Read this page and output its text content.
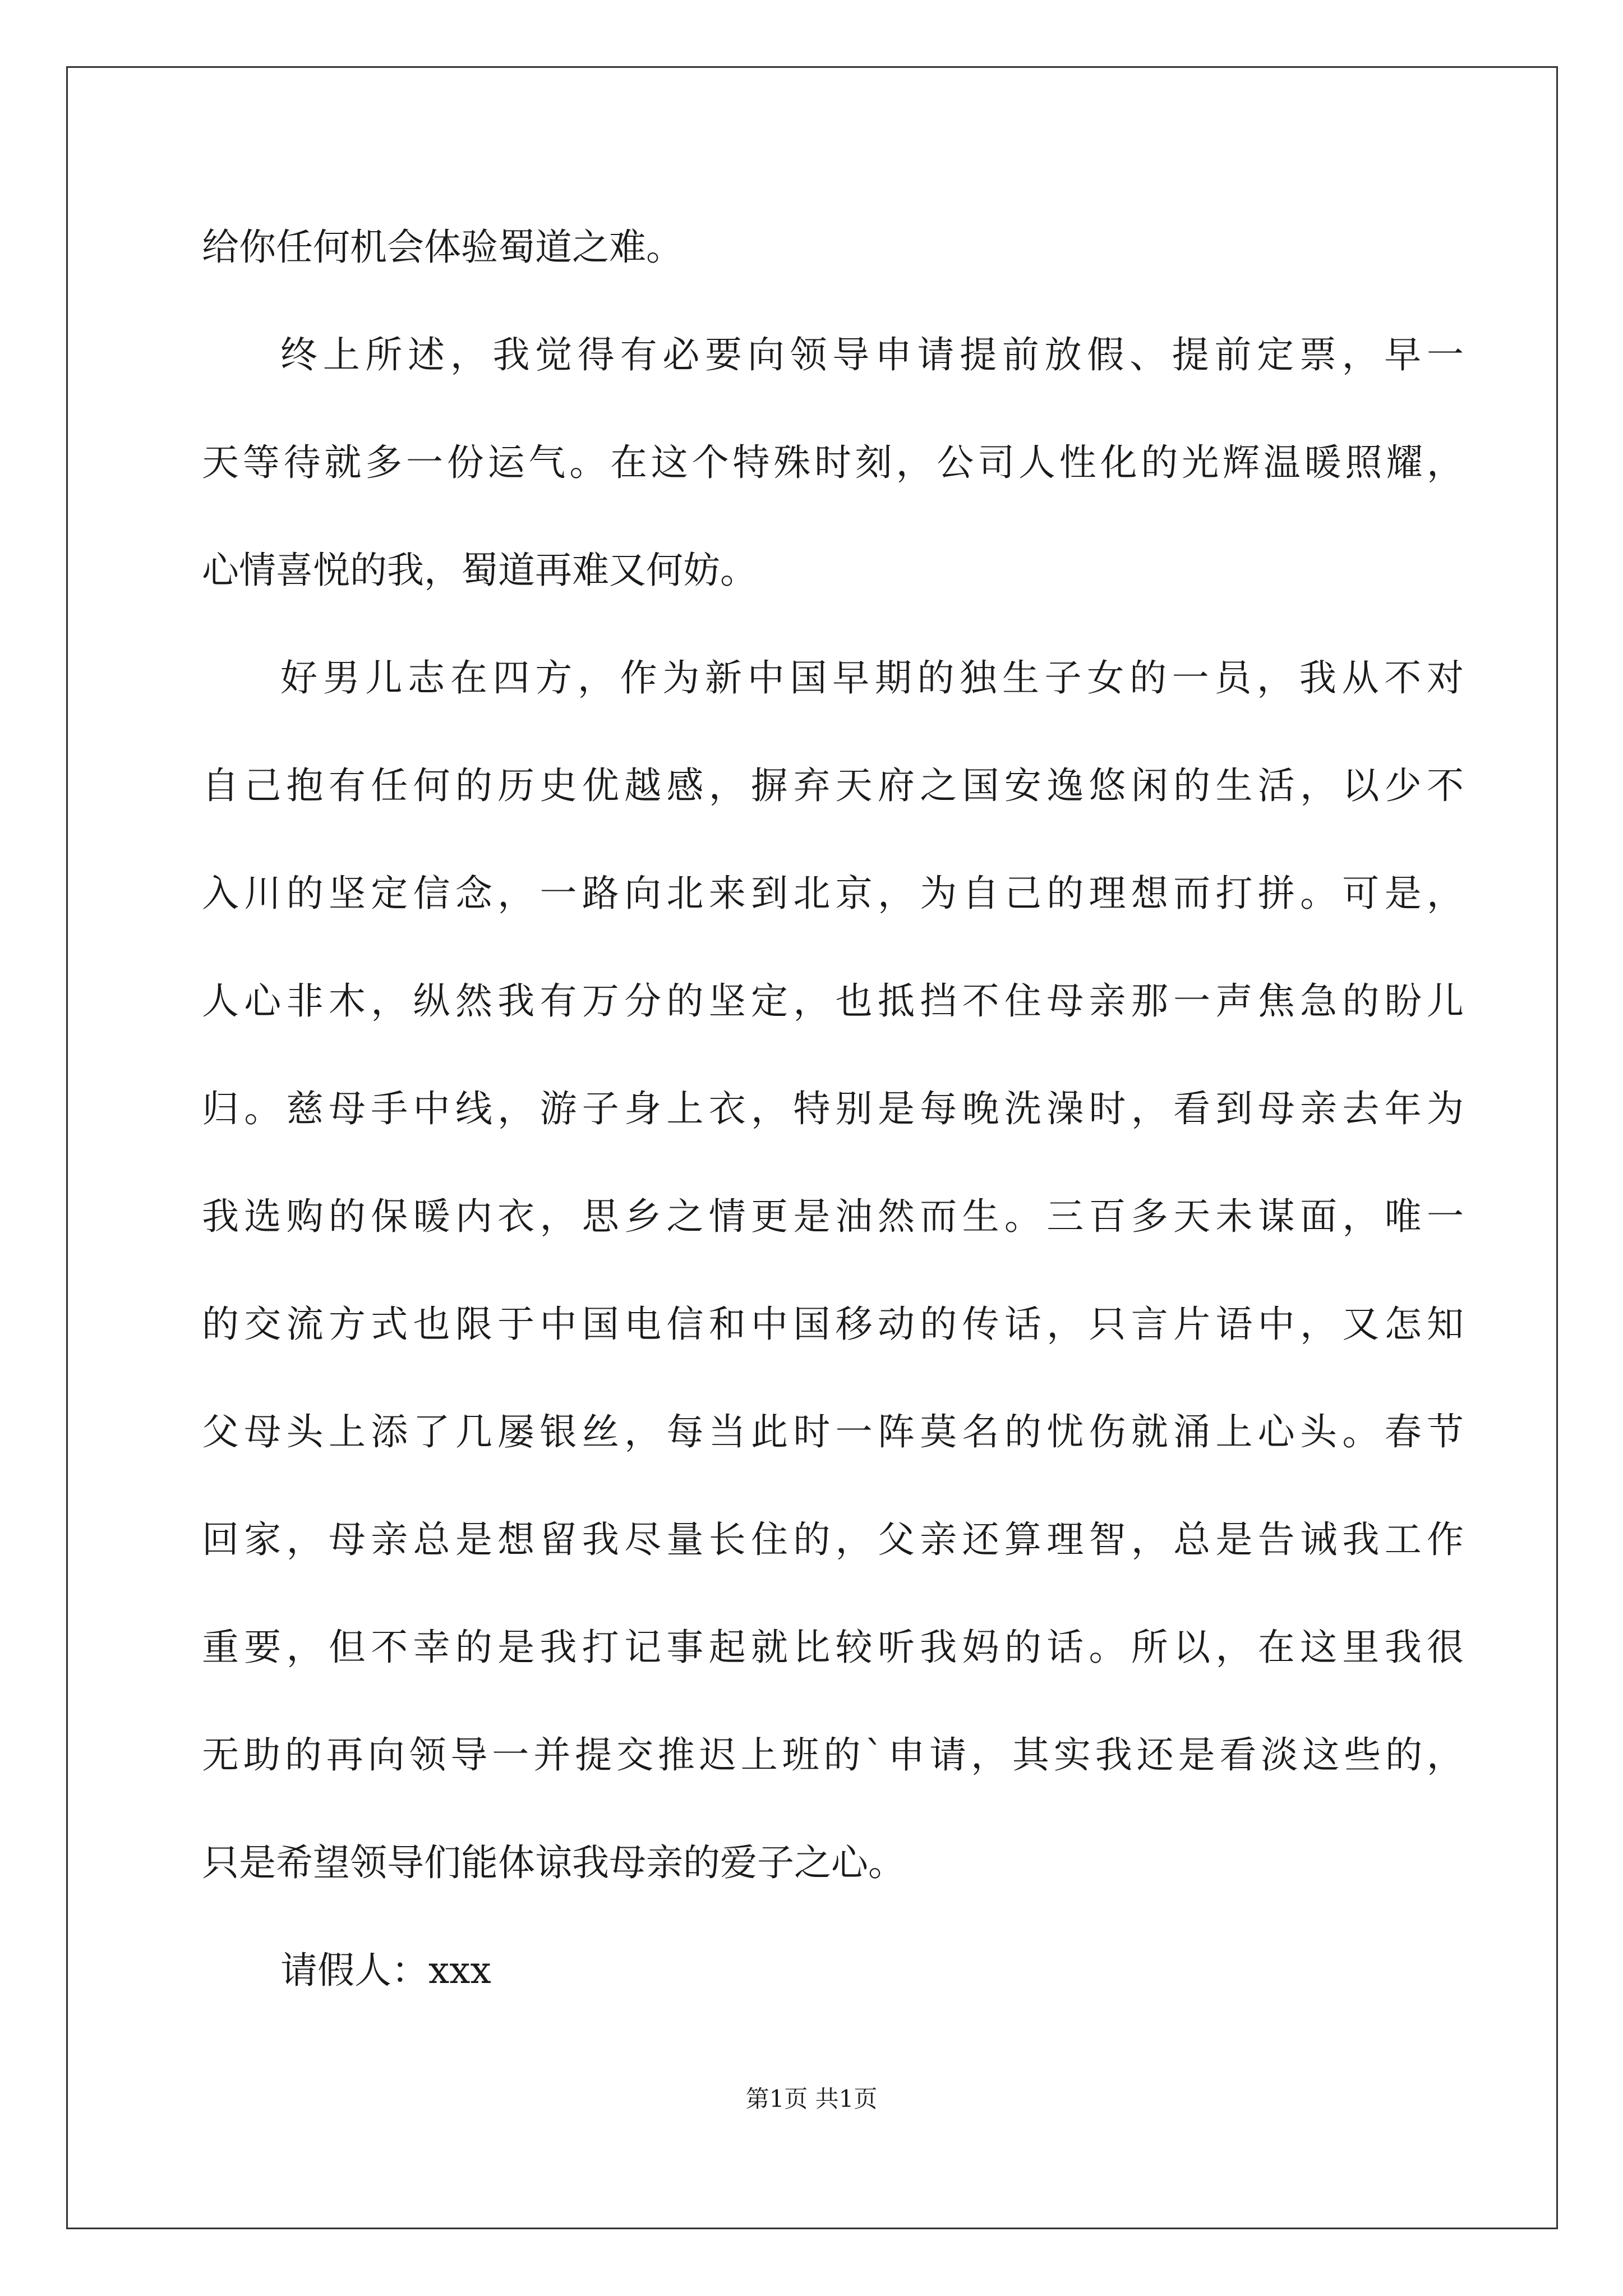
给你任何机会体验蜀道之难。
终上所述，我觉得有必要向领导申请提前放假、提前定票，早一
天等待就多一份运气。在这个特殊时刻，公司人性化的光辉温暖照耀，
心情喜悦的我，蜀道再难又何妨。
好男儿志在四方，作为新中国早期的独生子女的一员，我从不对
自己抱有任何的历史优越感，摒弃天府之国安逸悠闲的生活，以少不
入川的坚定信念，一路向北来到北京，为自己的理想而打拼。可是，
人心非木，纵然我有万分的坚定，也抵挡不住母亲那一声焦急的盼儿
归。慈母手中线，游子身上衣，特别是每晚洗澡时，看到母亲去年为
我选购的保暖内衣，思乡之情更是油然而生。三百多天未谋面，唯一
的交流方式也限于中国电信和中国移动的传话，只言片语中，又怎知
父母头上添了几屡银丝，每当此时一阵莫名的忧伤就涌上心头。春节
回家，母亲总是想留我尽量长住的，父亲还算理智，总是告诫我工作
重要，但不幸的是我打记事起就比较听我妈的话。所以，在这里我很
无助的再向领导一并提交推迟上班的`申请，其实我还是看淡这些的，
只是希望领导们能体谅我母亲的爱子之心。
请假人：xxx
第1页 共1页
